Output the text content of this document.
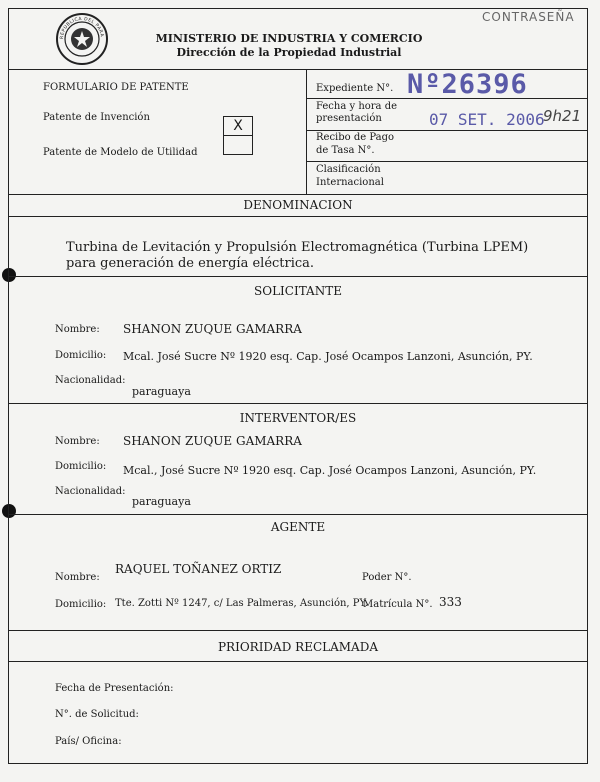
CONTRASEÑA
REPUBLICA DEL PARA	MINISTERIO DE INDUSTRIA Y COMERCIO
Dirección de la Propiedad Industrial
FORMULARIO DE PATENTE
Patente de Invención
Patente de Modelo de Utilidad
X
Expediente N°. Nº26396
Fecha y hora de
presentación	07 SET. 2006
9h21
Recibo de Pago
de Tasa N°.
Clasificación
Internacional
DENOMINACION
Turbina de Levitación y Propulsión Electromagnética (Turbina LPEM)
para generación de energía eléctrica.
SOLICITANTE
Nombre: SHANON ZUQUE GAMARRA
Domicilio: Mcal. José Sucre Nº 1920 esq. Cap. José Ocampos Lanzoni, Asunción, PY.
Nacionalidad:
paraguaya
INTERVENTOR/ES
Nombre: SHANON ZUQUE GAMARRA
Domicilio: Mcal., José Sucre Nº 1920 esq. Cap. José Ocampos Lanzoni, Asunción, PY.
Nacionalidad:
paraguaya
AGENTE
Nombre:
RAQUEL TOÑANEZ ORTIZ
Poder N°.
Domicilio: Tte. Zotti Nº 1247, c/ Las Palmeras, Asunción, PY.
Matrícula N°. 333
PRIORIDAD RECLAMADA
Fecha de Presentación:
N°. de Solicitud:
País/ Oficina:
